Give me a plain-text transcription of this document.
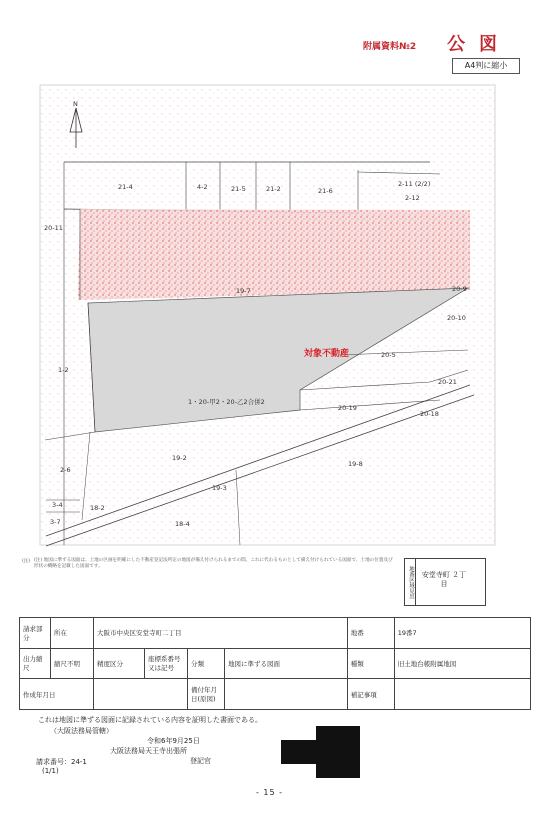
附属資料№2 公図
A4判に縮小
N
21-4	4-2	21-5	21-2	21-6
2-11 (2/2)
2-12
20-11
19-7	20-9
20-10
1-2
対象不動産	20-5
20-21
1・20-甲2・20-乙2合併2
20-19
20-18
2-6
19-2
19-8
3-4
19-3
18-2
3-7	18-4
(注) (注) 地図に準ずる図面は、土地の区画を明確にした不動産登記法所定の地図が備え付けられるまでの間、これに代わるものとして備え付けられている図面で、土地の位置及び形状の概略を記載した図面です。	地番区域見出	安堂寺町 ２丁目
請求部分	所在	大阪市中央区安堂寺町二丁目				地番	19番7
出力縮尺	縮尺不明	精度区分	座標系番号又は記号	分類	地図に準ずる図面	種類	旧土地台帳附属地図
作成年月日				備付年月日(原図)		補記事項	
これは地図に準ずる図面に記録されている内容を証明した書面である。
（大阪法務局管轄）
令和6年9月25日
大阪法務局天王寺出張所
登記官
請求番号：24-1
(1/1)
- 15 -
